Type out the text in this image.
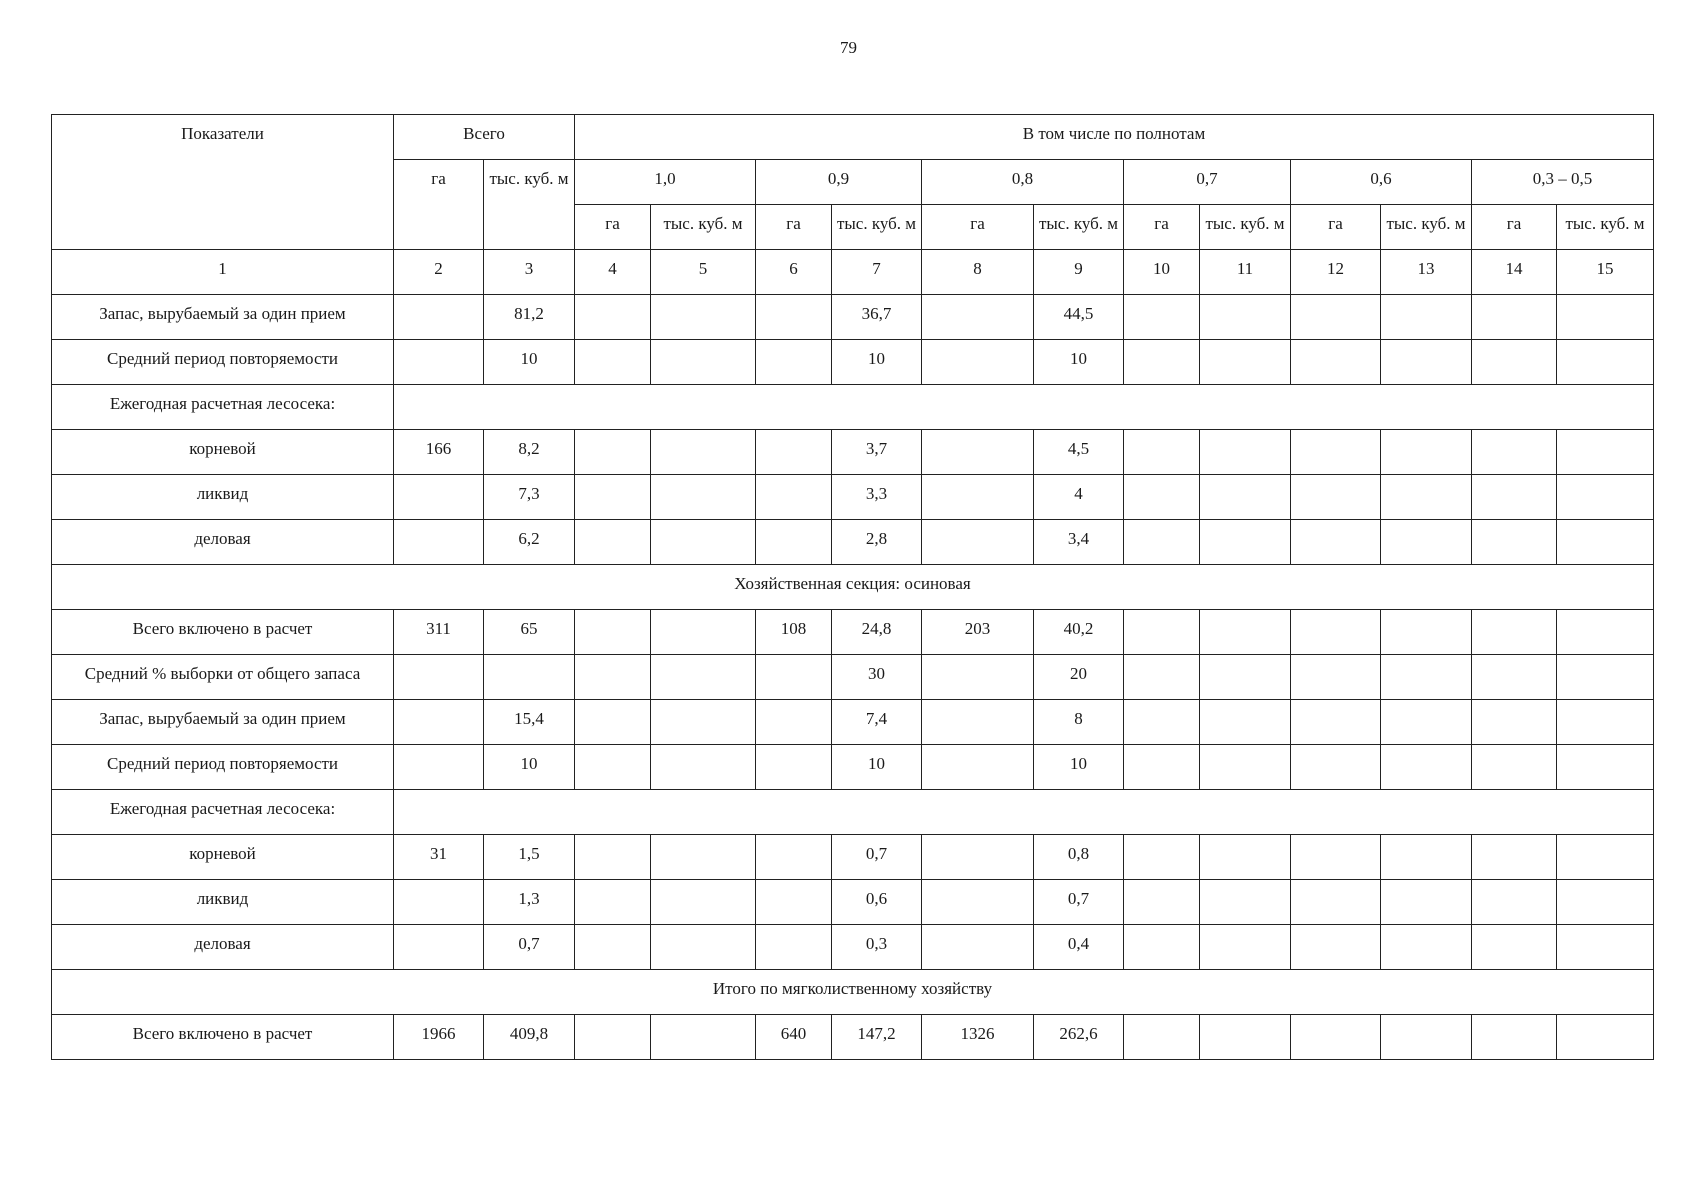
79
Показатели	Всего		В том числе по полнотам											
	га	тыс. куб. м	1,0		0,9		0,8		0,7		0,6		0,3 – 0,5	
			га	тыс. куб. м	га	тыс. куб. м	га	тыс. куб. м	га	тыс. куб. м	га	тыс. куб. м	га	тыс. куб. м
1	2	3	4	5	6	7	8	9	10	11	12	13	14	15
Запас, вырубаемый за один прием		81,2				36,7		44,5						
Средний период повторяемости		10				10		10						
Ежегодная расчетная лесосека:														
корневой	166	8,2				3,7		4,5						
ликвид		7,3				3,3		4						
деловая		6,2				2,8		3,4						
Хозяйственная секция: осиновая														
Всего включено в расчет	311	65			108	24,8	203	40,2						
Средний % выборки от общего запаса						30		20						
Запас, вырубаемый за один прием		15,4				7,4		8						
Средний период повторяемости		10				10		10						
Ежегодная расчетная лесосека:														
корневой	31	1,5				0,7		0,8						
ликвид		1,3				0,6		0,7						
деловая		0,7				0,3		0,4						
Итого по мягколиственному хозяйству														
Всего включено в расчет	1966	409,8			640	147,2	1326	262,6						
